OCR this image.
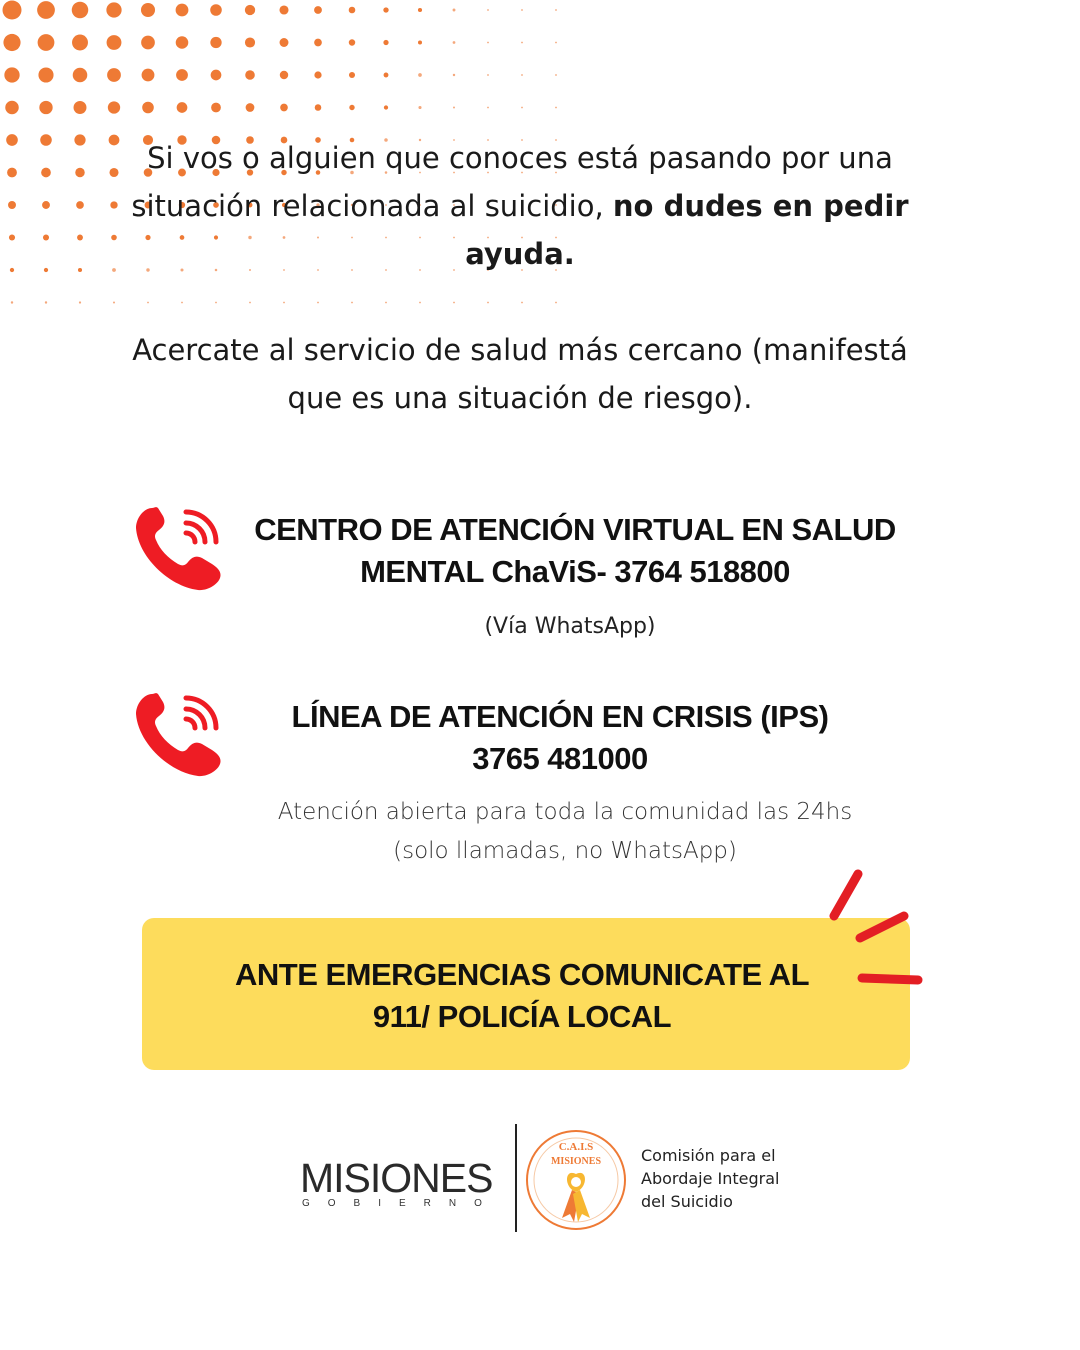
Si vos o alguien que conoces está pasando por una situación relacionada al suicidio, no dudes en pedir ayuda.
Acercate al servicio de salud más cercano (manifestá que es una situación de riesgo).
CENTRO DE ATENCIÓN VIRTUAL EN SALUD
MENTAL ChaViS- 3764 518800
(Vía WhatsApp)
LÍNEA DE ATENCIÓN EN CRISIS (IPS)
3765 481000
Atención abierta para toda la comunidad las 24hs
(solo llamadas, no WhatsApp)
ANTE EMERGENCIAS COMUNICATE AL
911/ POLICÍA LOCAL
MISIONES
GOBIERNO
C.A.I.S
MISIONES Comisión para el
Abordaje Integral
del Suicidio
